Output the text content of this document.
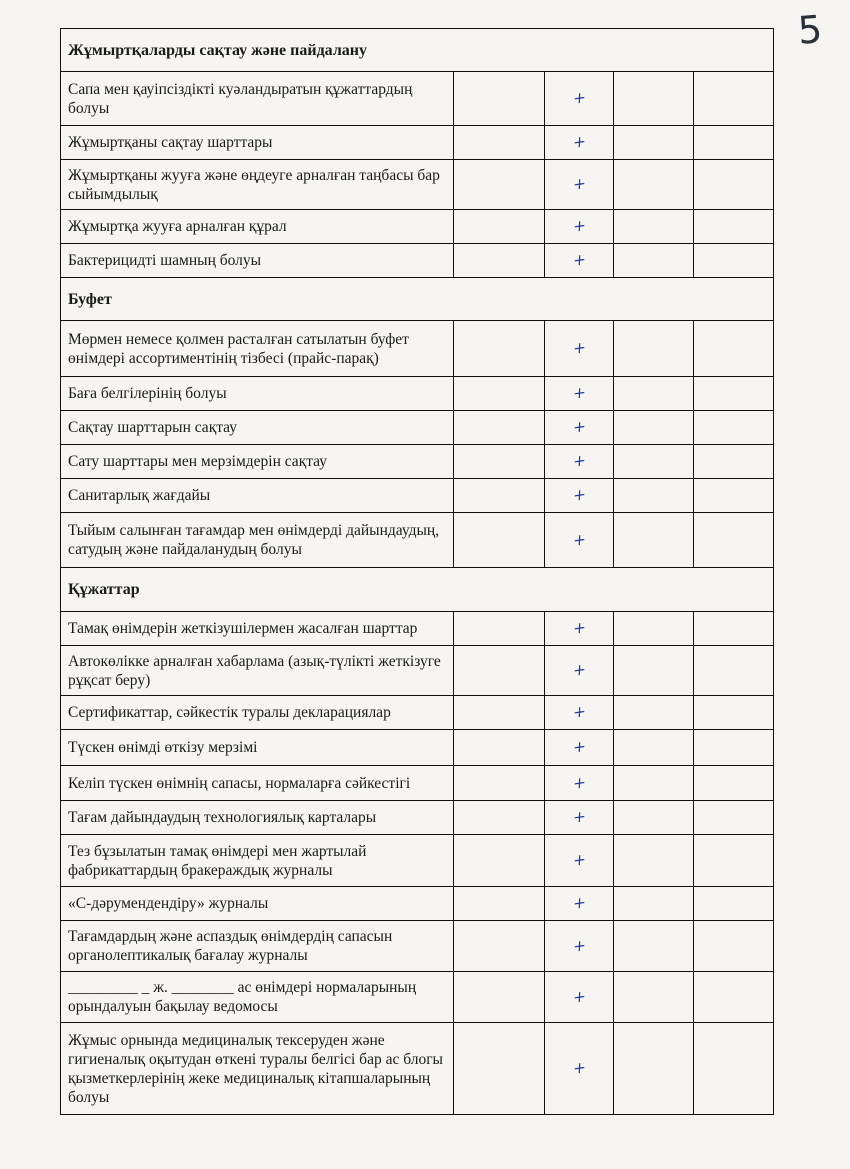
5
Жұмыртқаларды сақтау және пайдалану				
Сапа мен қауіпсіздікті куәландыратын құжаттардың болуы		+		
Жұмыртқаны сақтау шарттары		+		
Жұмыртқаны жууға және өңдеуге арналған таңбасы бар сыйымдылық		+		
Жұмыртқа жууға арналған құрал		+		
Бактерицидті шамның болуы		+		
Буфет				
Мөрмен немесе қолмен расталған сатылатын буфет өнімдері ассортиментінің тізбесі (прайс-парақ)		+		
Баға белгілерінің болуы		+		
Сақтау шарттарын сақтау		+		
Сату шарттары мен мерзімдерін сақтау		+		
Санитарлық жағдайы		+		
Тыйым салынған тағамдар мен өнімдерді дайындаудың, сатудың және пайдаланудың болуы		+		
Құжаттар				
Тамақ өнімдерін жеткізушілермен жасалған шарттар		+		
Автокөлікке арналған хабарлама (азық-түлікті жеткізуге рұқсат беру)		+		
Сертификаттар, сәйкестік туралы декларациялар		+		
Түскен өнімді өткізу мерзімі		+		
Келіп түскен өнімнің сапасы, нормаларға сәйкестігі		+		
Тағам дайындаудың технологиялық карталары		+		
Тез бұзылатын тамақ өнімдері мен жартылай фабрикаттардың бракераждық журналы		+		
«С-дәрумендендіру» журналы		+		
Тағамдардың және аспаздық өнімдердің сапасын органолептикалық бағалау журналы		+		
_________ _ ж. ________ ас өнімдері нормаларының орындалуын бақылау ведомосы		+		
Жұмыс орнында медициналық тексеруден және гигиеналық оқытудан өткені туралы белгісі бар ас блогы қызметкерлерінің жеке медициналық кітапшаларының болуы		+		
